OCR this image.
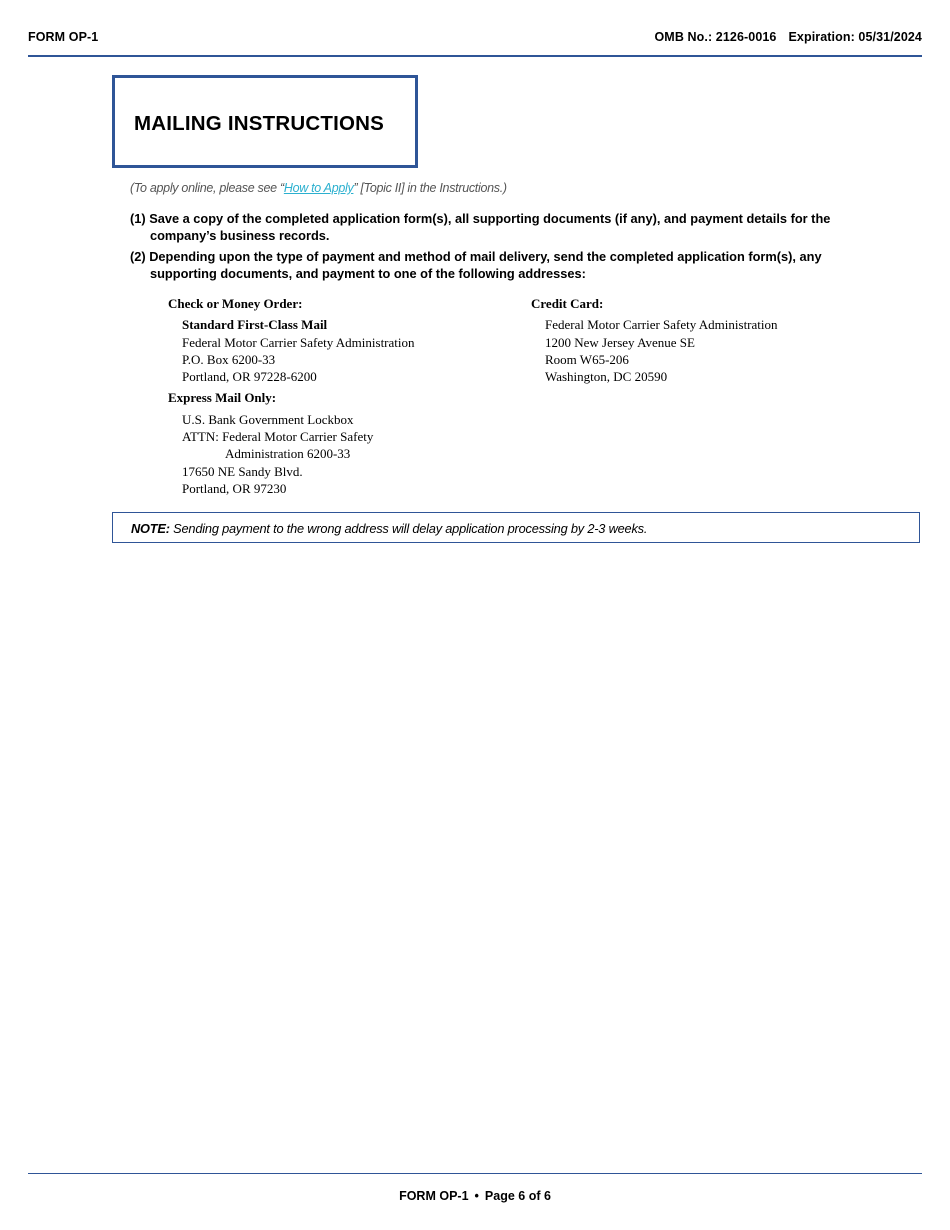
FORM OP-1	OMB No.: 2126-0016 Expiration: 05/31/2024
MAILING INSTRUCTIONS
(To apply online, please see “How to Apply” [Topic II] in the Instructions.)
(1) Save a copy of the completed application form(s), all supporting documents (if any), and payment details for the company’s business records.
(2) Depending upon the type of payment and method of mail delivery, send the completed application form(s), any supporting documents, and payment to one of the following addresses:
Check or Money Order:
Standard First-Class Mail
Federal Motor Carrier Safety Administration
P.O. Box 6200-33
Portland, OR 97228-6200
Express Mail Only:
U.S. Bank Government Lockbox
ATTN: Federal Motor Carrier Safety
Administration 6200-33
17650 NE Sandy Blvd.
Portland, OR 97230
Credit Card:
Federal Motor Carrier Safety Administration
1200 New Jersey Avenue SE
Room W65-206
Washington, DC 20590
NOTE: Sending payment to the wrong address will delay application processing by 2-3 weeks.
FORM OP-1 • Page 6 of 6
